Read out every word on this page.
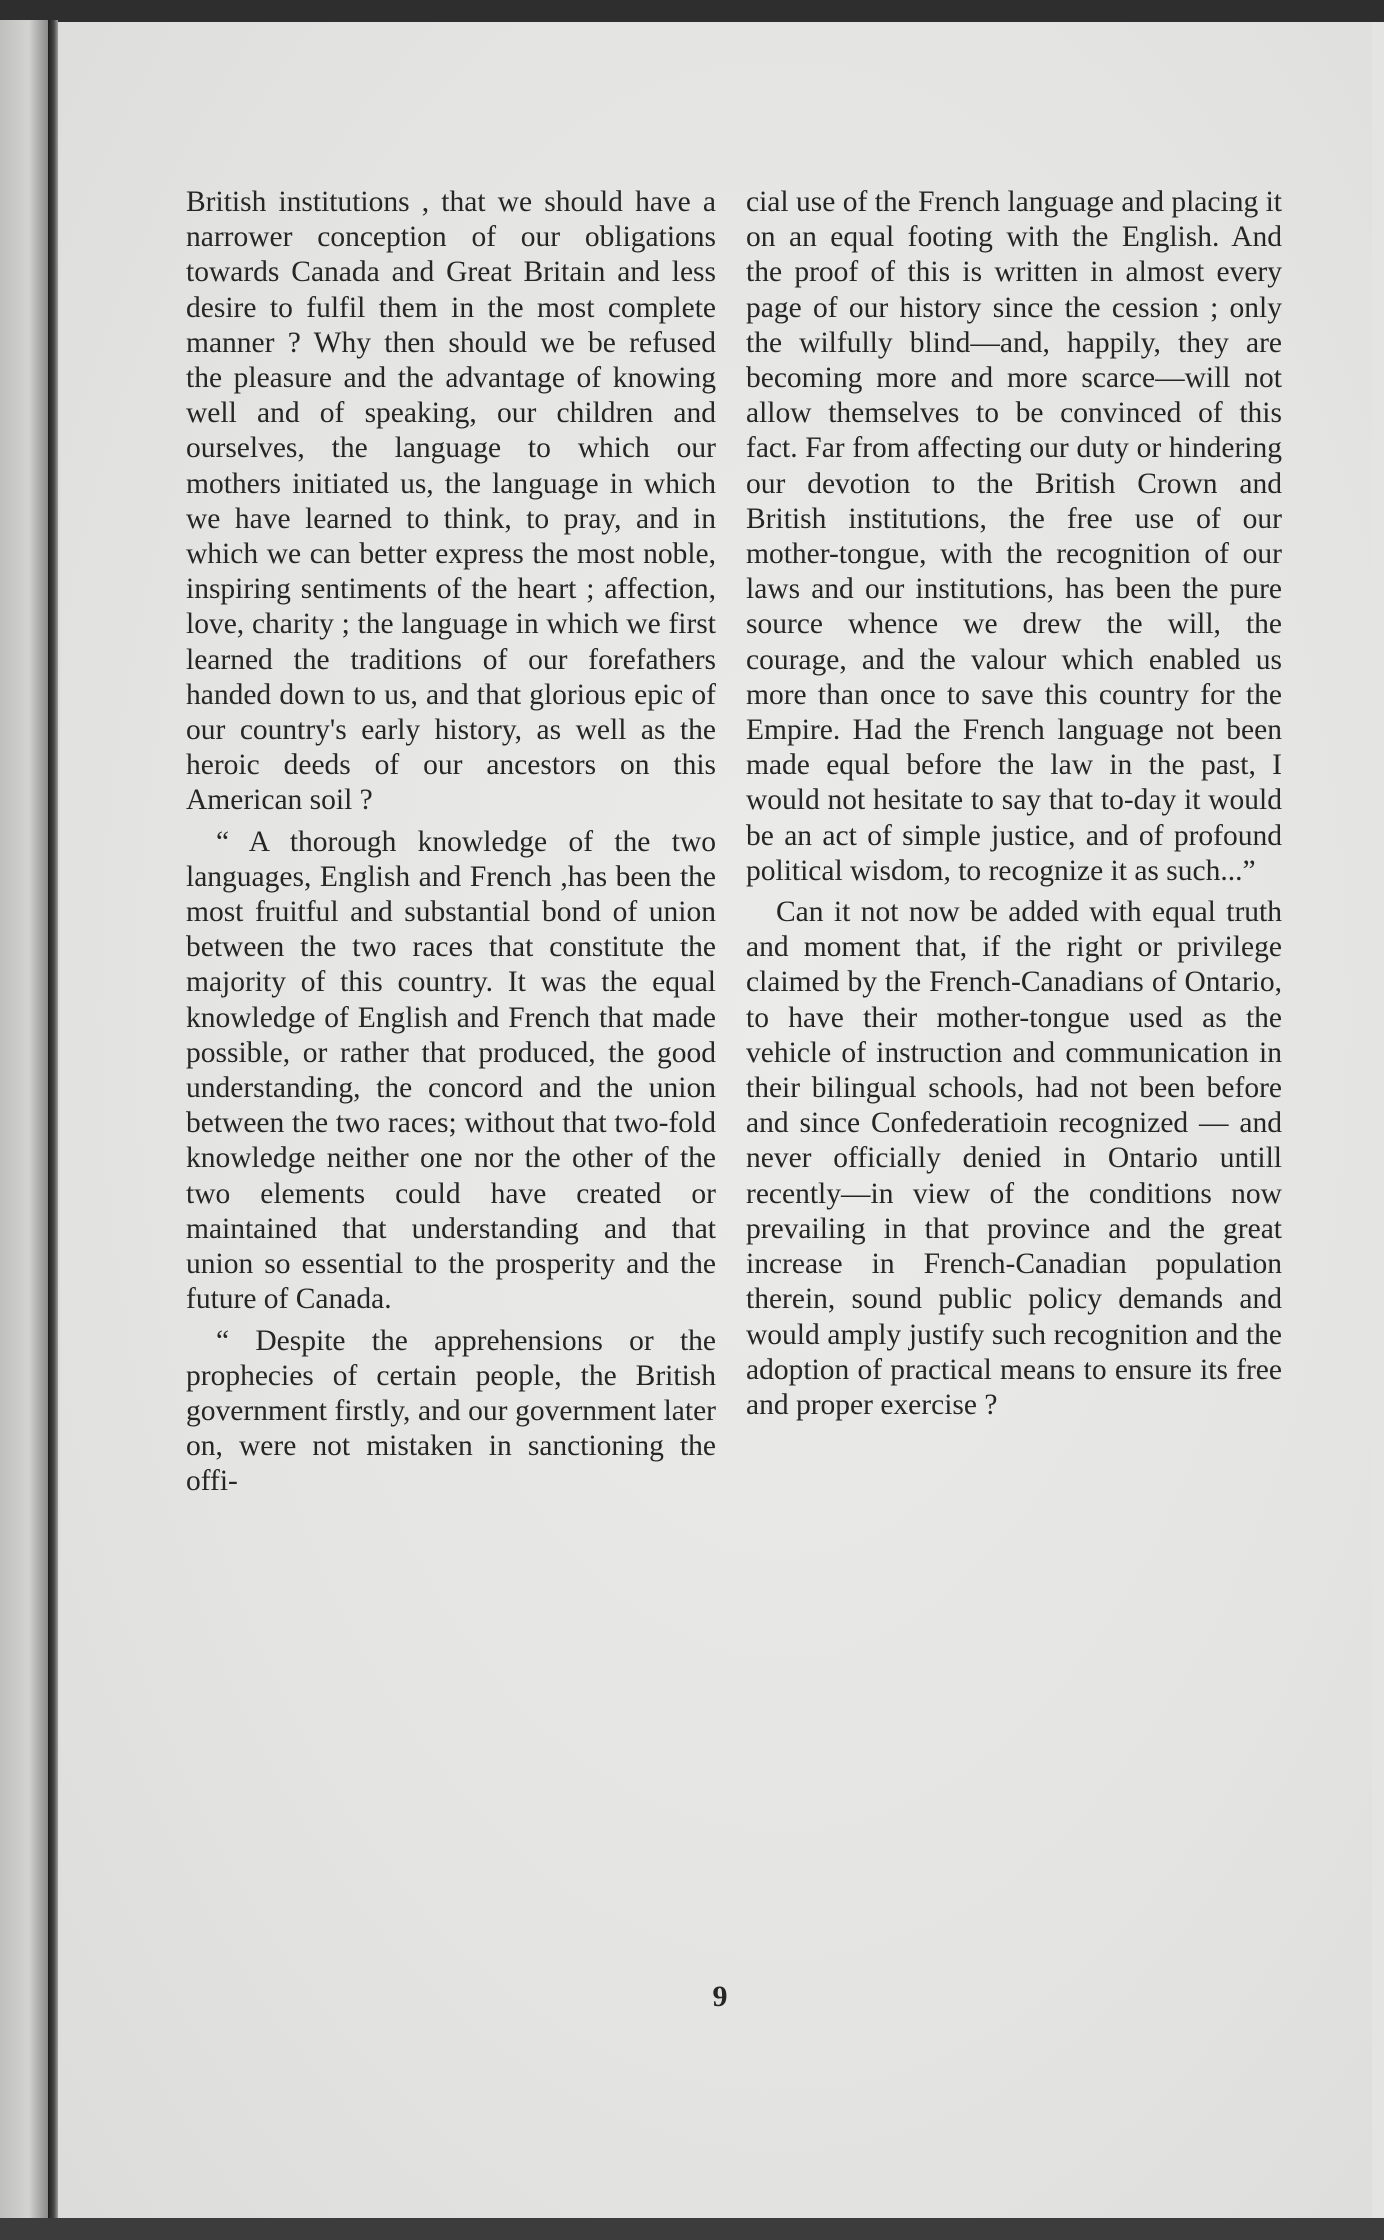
British institutions , that we should have a narrower conception of our obligations towards Canada and Great Britain and less desire to fulfil them in the most complete manner ? Why then should we be refused the pleasure and the advantage of knowing well and of speaking, our children and ourselves, the language to which our mothers initiated us, the language in which we have learned to think, to pray, and in which we can better express the most noble, inspiring sentiments of the heart ; affection, love, charity ; the language in which we first learned the traditions of our forefathers handed down to us, and that glorious epic of our country's early history, as well as the heroic deeds of our ancestors on this American soil ?

“ A thorough knowledge of the two languages, English and French ,has been the most fruitful and substantial bond of union between the two races that constitute the majority of this country. It was the equal knowledge of English and French that made possible, or rather that produced, the good understanding, the concord and the union between the two races; without that two-fold knowledge neither one nor the other of the two elements could have created or maintained that understanding and that union so essential to the prosperity and the future of Canada.

“ Despite the apprehensions or the prophecies of certain people, the British government firstly, and our government later on, were not mistaken in sanctioning the offi-

cial use of the French language and placing it on an equal footing with the English. And the proof of this is written in almost every page of our history since the cession ; only the wilfully blind—and, happily, they are becoming more and more scarce—will not allow themselves to be convinced of this fact. Far from affecting our duty or hindering our devotion to the British Crown and British institutions, the free use of our mother-tongue, with the recognition of our laws and our institutions, has been the pure source whence we drew the will, the courage, and the valour which enabled us more than once to save this country for the Empire. Had the French language not been made equal before the law in the past, I would not hesitate to say that to-day it would be an act of simple justice, and of profound political wisdom, to recognize it as such...”

Can it not now be added with equal truth and moment that, if the right or privilege claimed by the French-Canadians of Ontario, to have their mother-tongue used as the vehicle of instruction and communication in their bilingual schools, had not been before and since Confederatioin recognized — and never officially denied in Ontario untill recently—in view of the conditions now prevailing in that province and the great increase in French-Canadian population therein, sound public policy demands and would amply justify such recognition and the adoption of practical means to ensure its free and proper exercise ?

9
